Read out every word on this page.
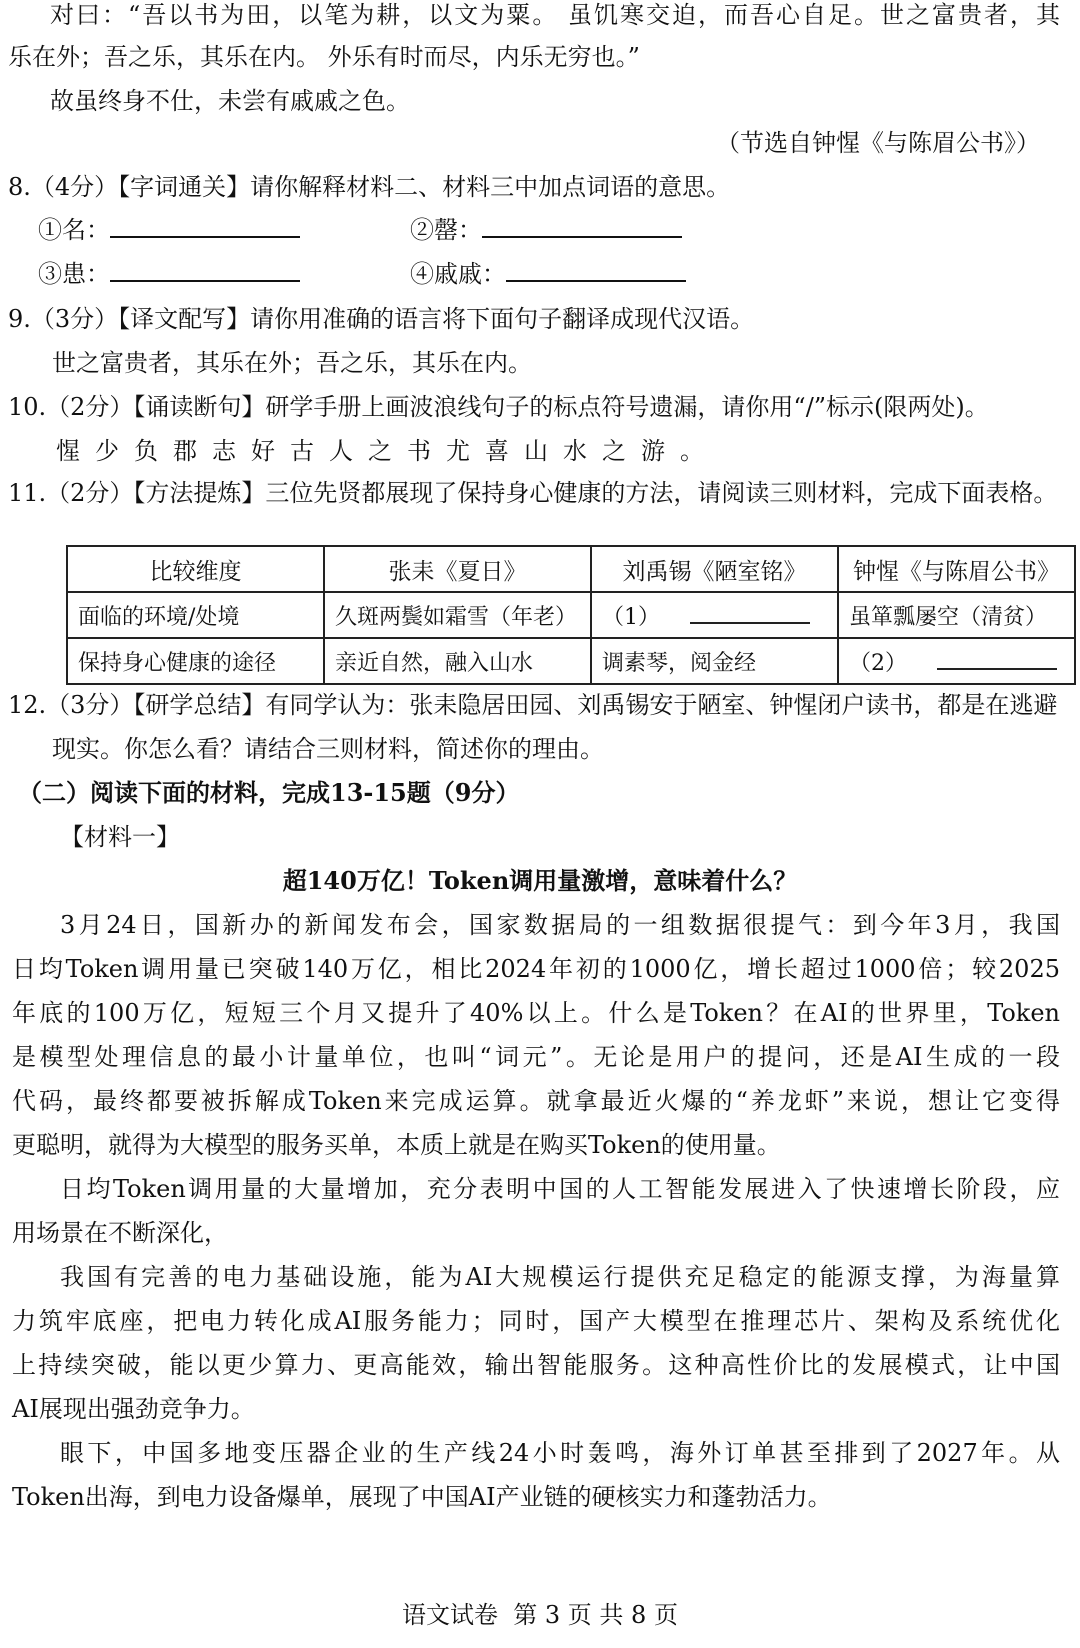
对曰：“吾以书为田，以笔为耕，以文为粟。 虽饥寒交迫，而吾心自足。世之富贵者，其
乐在外；吾之乐，其乐在内。 外乐有时而尽，内乐无穷也。”
故虽终身不仕，未尝有戚戚之色。
（节选自钟惺《与陈眉公书》）
8.（4分）【字词通关】请你解释材料二、材料三中加点词语的意思。
①名：	②罄：
③患：	④戚戚：
9.（3分）【译文配写】请你用准确的语言将下面句子翻译成现代汉语。
世之富贵者，其乐在外；吾之乐，其乐在内。
10.（2分）【诵读断句】研学手册上画波浪线句子的标点符号遗漏，请你用“/”标示(限两处)。
惺少负郡志好古人之书尤喜山水之游。
11.（2分）【方法提炼】三位先贤都展现了保持身心健康的方法，请阅读三则材料，完成下面表格。
比较维度	张耒《夏日》	刘禹锡《陋室铭》	钟惺《与陈眉公书》
面临的环境/处境	久斑两鬓如霜雪（年老）	（1）	虽箪瓢屡空（清贫）
保持身心健康的途径	亲近自然，融入山水	调素琴，阅金经	（2）
12.（3分）【研学总结】有同学认为：张耒隐居田园、刘禹锡安于陋室、钟惺闭户读书，都是在逃避
现实。你怎么看？请结合三则材料，简述你的理由。
（二）阅读下面的材料，完成13-15题（9分）
【材料一】
超140万亿！Token调用量激增，意味着什么？
3月24日，国新办的新闻发布会，国家数据局的一组数据很提气：到今年3月，我国
日均Token调用量已突破140万亿，相比2024年初的1000亿，增长超过1000倍；较2025
年底的100万亿，短短三个月又提升了40%以上。什么是Token？在AI的世界里，Token
是模型处理信息的最小计量单位，也叫“词元”。无论是用户的提问，还是AI生成的一段
代码，最终都要被拆解成Token来完成运算。就拿最近火爆的“养龙虾”来说，想让它变得
更聪明，就得为大模型的服务买单，本质上就是在购买Token的使用量。
日均Token调用量的大量增加，充分表明中国的人工智能发展进入了快速增长阶段，应
用场景在不断深化，
我国有完善的电力基础设施，能为AI大规模运行提供充足稳定的能源支撑，为海量算
力筑牢底座，把电力转化成AI服务能力；同时，国产大模型在推理芯片、架构及系统优化
上持续突破，能以更少算力、更高能效，输出智能服务。这种高性价比的发展模式，让中国
AI展现出强劲竞争力。
眼下，中国多地变压器企业的生产线24小时轰鸣，海外订单甚至排到了2027年。从
Token出海，到电力设备爆单，展现了中国AI产业链的硬核实力和蓬勃活力。
语文试卷  第 3 页 共 8 页
